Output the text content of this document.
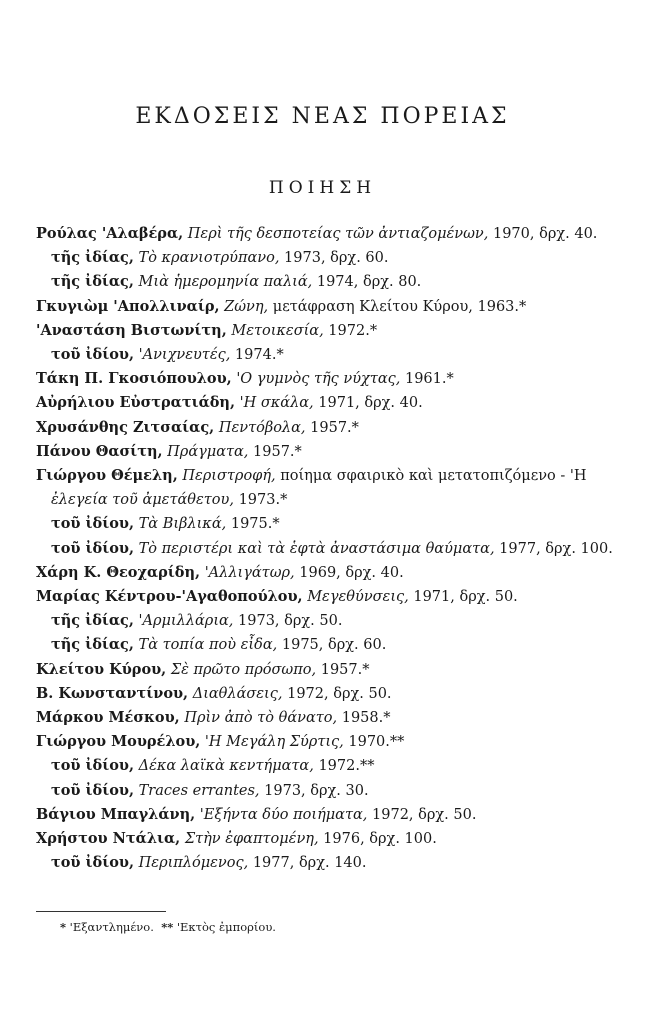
ΕΚΔΟΣΕΙΣ ΝΕΑΣ ΠΟΡΕΙΑΣ
ΠΟΙΗΣΗ
Ρούλας 'Αλαβέρα, Περὶ τῆς δεσποτείας τῶν ἀντιαζομένων, 1970, δρχ. 40.
τῆς ἰδίας, Τὸ κρανιοτρύπανο, 1973, δρχ. 60.
τῆς ἰδίας, Μιὰ ἡμερομηνία παλιά, 1974, δρχ. 80.
Γκυγιὼμ 'Απολλιναίρ, Ζώνη, μετάφραση Κλείτου Κύρου, 1963.*
'Αναστάση Βιστωνίτη, Μετοικεσία, 1972.*
τοῦ ἰδίου, 'Ανιχνευτές, 1974.*
Τάκη Π. Γκοσιόπουλου, 'Ο γυμνὸς τῆς νύχτας, 1961.*
Αὐρήλιου Εὐστρατιάδη, 'Η σκάλα, 1971, δρχ. 40.
Χρυσάνθης Ζιτσαίας, Πεντόβολα, 1957.*
Πάνου Θασίτη, Πράγματα, 1957.*
Γιώργου Θέμελη, Περιστροφή, ποίημα σφαιρικὸ καὶ μετατοπιζόμενο - 'Η
ἐλεγεία τοῦ ἀμετάθετου, 1973.*
τοῦ ἰδίου, Τὰ Βιβλικά, 1975.*
τοῦ ἰδίου, Τὸ περιστέρι καὶ τὰ ἑφτὰ ἀναστάσιμα θαύματα, 1977, δρχ. 100.
Χάρη Κ. Θεοχαρίδη, 'Αλλιγάτωρ, 1969, δρχ. 40.
Μαρίας Κέντρου-'Αγαθοπούλου, Μεγεθύνσεις, 1971, δρχ. 50.
τῆς ἰδίας, 'Αρμιλλάρια, 1973, δρχ. 50.
τῆς ἰδίας, Τὰ τοπία ποὺ εἶδα, 1975, δρχ. 60.
Κλείτου Κύρου, Σὲ πρῶτο πρόσωπο, 1957.*
Β. Κωνσταντίνου, Διαθλάσεις, 1972, δρχ. 50.
Μάρκου Μέσκου, Πρὶν ἀπὸ τὸ θάνατο, 1958.*
Γιώργου Μουρέλου, 'Η Μεγάλη Σύρτις, 1970.**
τοῦ ἰδίου, Δέκα λαϊκὰ κεντήματα, 1972.**
τοῦ ἰδίου, Traces errantes, 1973, δρχ. 30.
Βάγιου Μπαγλάνη, 'Εξήντα δύο ποιήματα, 1972, δρχ. 50.
Χρήστου Ντάλια, Στὴν ἐφαπτομένη, 1976, δρχ. 100.
τοῦ ἰδίου, Περιπλόμενος, 1977, δρχ. 140.
* 'Εξαντλημένο. ** 'Εκτὸς ἐμπορίου.
